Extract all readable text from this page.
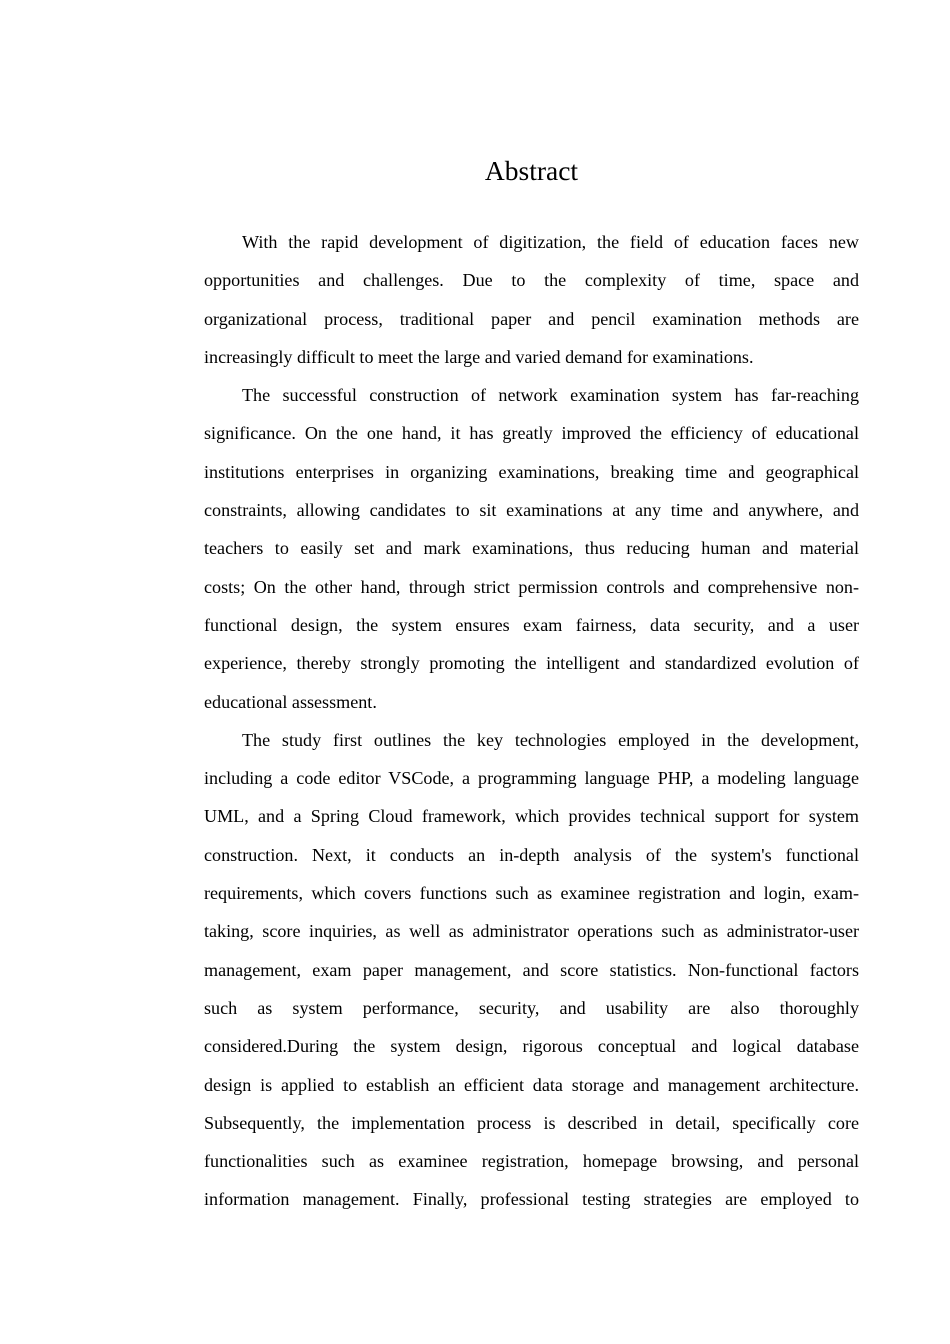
Abstract
With the rapid development of digitization, the field of education faces new
opportunities and challenges. Due to the complexity of time, space and
organizational process, traditional paper and pencil examination methods are
increasingly difficult to meet the large and varied demand for examinations.
The successful construction of network examination system has far-reaching
significance. On the one hand, it has greatly improved the efficiency of educational
institutions enterprises in organizing examinations, breaking time and geographical
constraints, allowing candidates to sit examinations at any time and anywhere, and
teachers to easily set and mark examinations, thus reducing human and material
costs; On the other hand, through strict permission controls and comprehensive non-
functional design, the system ensures exam fairness, data security, and a user
experience, thereby strongly promoting the intelligent and standardized evolution of
educational assessment.
The study first outlines the key technologies employed in the development,
including a code editor VSCode, a programming language PHP, a modeling language
UML, and a Spring Cloud framework, which provides technical support for system
construction. Next, it conducts an in-depth analysis of the system's functional
requirements, which covers functions such as examinee registration and login, exam-
taking, score inquiries, as well as administrator operations such as administrator-user
management, exam paper management, and score statistics. Non-functional factors
such as system performance, security, and usability are also thoroughly
considered.During the system design, rigorous conceptual and logical database
design is applied to establish an efficient data storage and management architecture.
Subsequently, the implementation process is described in detail, specifically core
functionalities such as examinee registration, homepage browsing, and personal
information management. Finally, professional testing strategies are employed to
